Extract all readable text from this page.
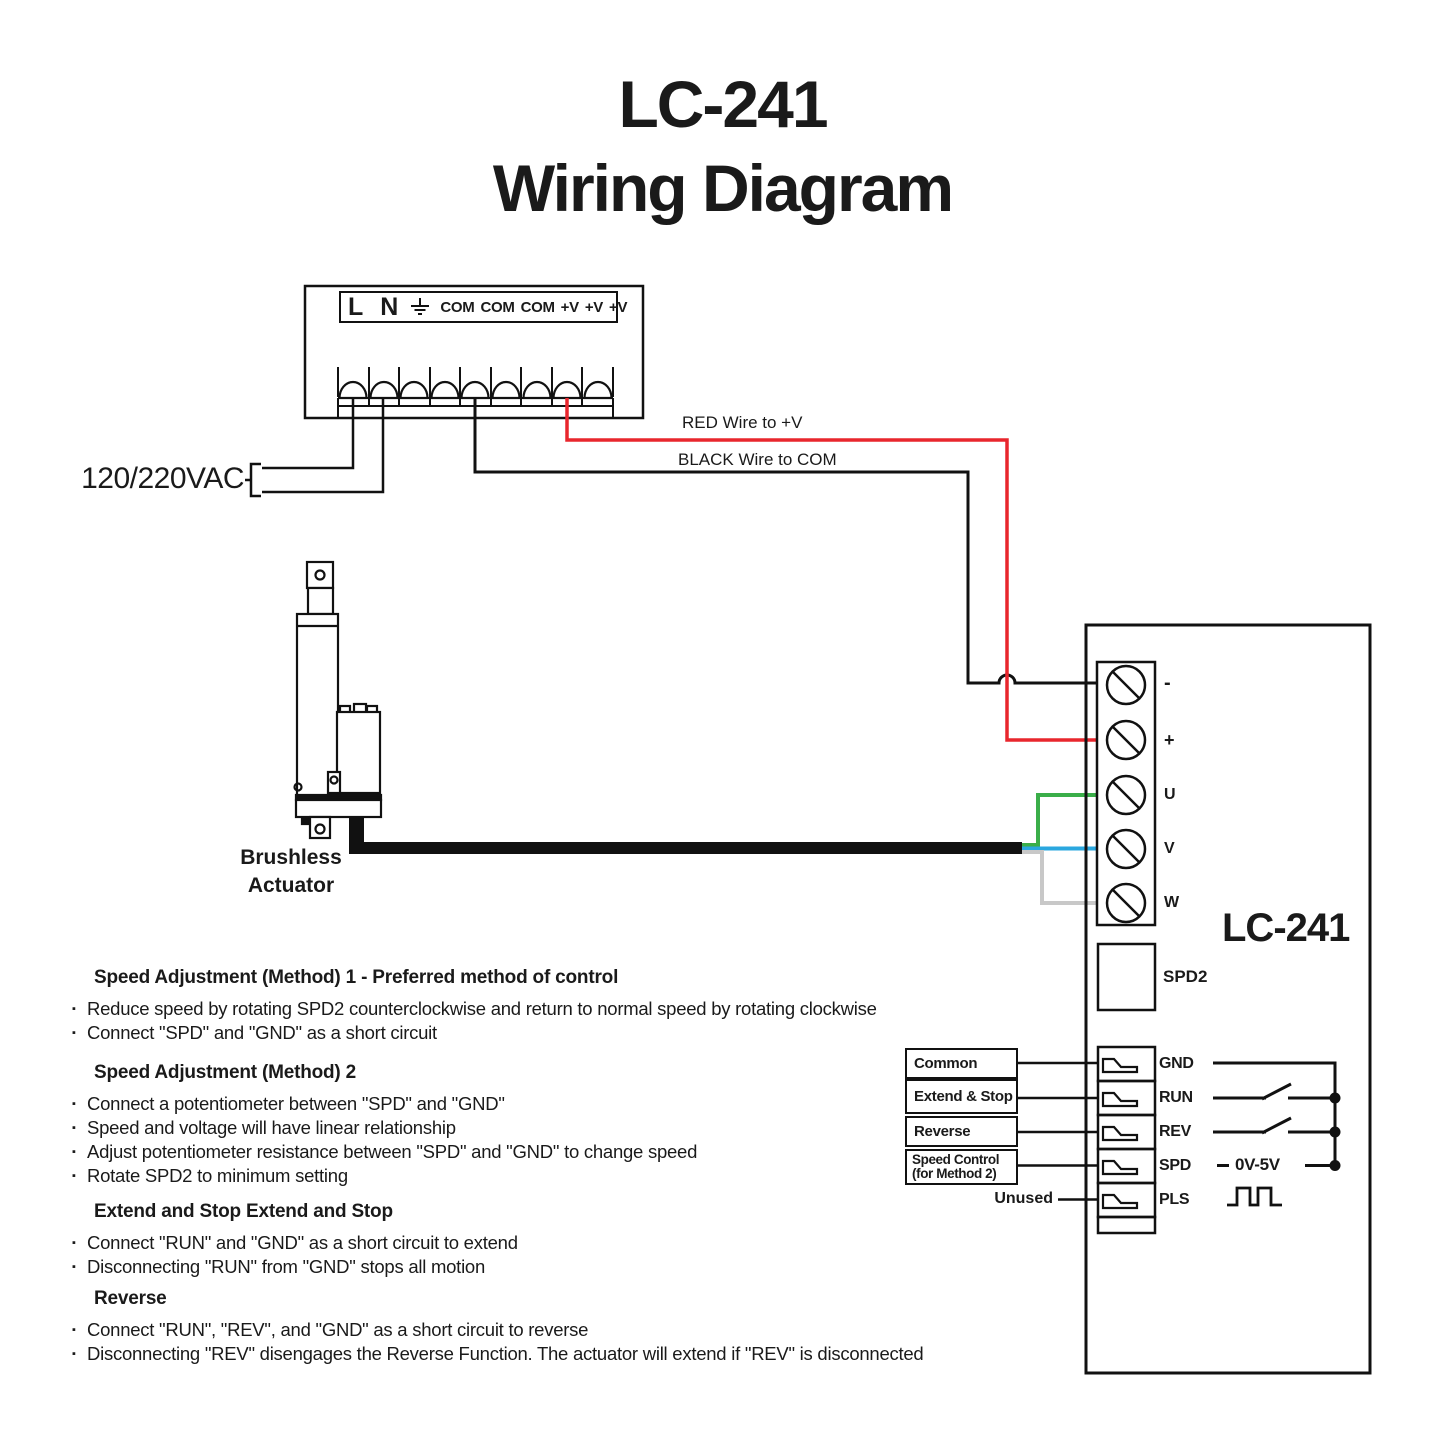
LC-241
Wiring Diagram
L N	COM COM COM +V +V +V
120/220VAC
RED Wire to +V
BLACK Wire to COM
Brushless
Actuator
LC-241
-
+
U
V
W
SPD2
GND
RUN
REV
SPD
PLS
0V-5V
Unused
Common
Extend & Stop
Reverse
Speed Control
(for Method 2)
Speed Adjustment (Method) 1 - Preferred method of control
▪ Reduce speed by rotating SPD2 counterclockwise and return to normal speed by rotating clockwise
▪ Connect "SPD" and "GND" as a short circuit
Speed Adjustment (Method) 2
▪ Connect a potentiometer between "SPD" and "GND"
▪ Speed and voltage will have linear relationship
▪ Adjust potentiometer resistance between "SPD" and "GND" to change speed
▪ Rotate SPD2 to minimum setting
Extend and Stop Extend and Stop
▪ Connect "RUN" and "GND" as a short circuit to extend
▪ Disconnecting "RUN" from "GND" stops all motion
Reverse
▪ Connect "RUN", "REV", and "GND" as a short circuit to reverse
▪ Disconnecting "REV" disengages the Reverse Function. The actuator will extend if "REV" is disconnected
